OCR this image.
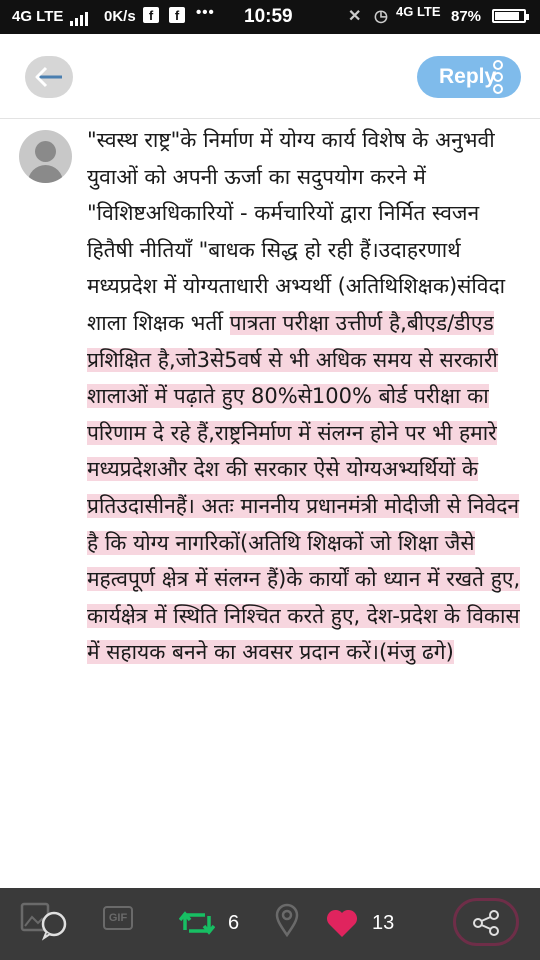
4G LTE	0K/s	f	f	••• 10:59	✕ ◷ 4G LTE 87%
Reply
"स्वस्थ राष्ट्र"के निर्माण में योग्य कार्य विशेष के अनुभवी युवाओं को अपनी ऊर्जा का सदुपयोग करने में "विशिष्टअधिकारियों - कर्मचारियों द्वारा निर्मित स्वजन हितैषी नीतियाँ "बाधक सिद्ध हो रही हैं।उदाहरणार्थ मध्यप्रदेश में योग्यताधारी अभ्यर्थी (अतिथिशिक्षक)संविदा शाला शिक्षक भर्ती पात्रता परीक्षा उत्तीर्ण है,बीएड/डीएड प्रशिक्षित है,जो3से5वर्ष से भी अधिक समय से सरकारी शालाओं में पढ़ाते हुए 80%से100% बोर्ड परीक्षा का परिणाम दे रहे हैं,राष्ट्रनिर्माण में संलग्न होने पर भी हमारे मध्यप्रदेशऔर देश की सरकार ऐसे योग्यअभ्यर्थियों के प्रतिउदासीनहैं। अतः माननीय प्रधानमंत्री मोदीजी से निवेदन है कि योग्य नागरिकों(अतिथि शिक्षकों जो शिक्षा जैसे महत्वपूर्ण क्षेत्र में संलग्न हैं)के कार्यों को ध्यान में रखते हुए, कार्यक्षेत्र में स्थिति निश्चित करते हुए, देश-प्रदेश के विकास में सहायक बनने का अवसर प्रदान करें।(मंजु ढगे)
GIF	6	13
